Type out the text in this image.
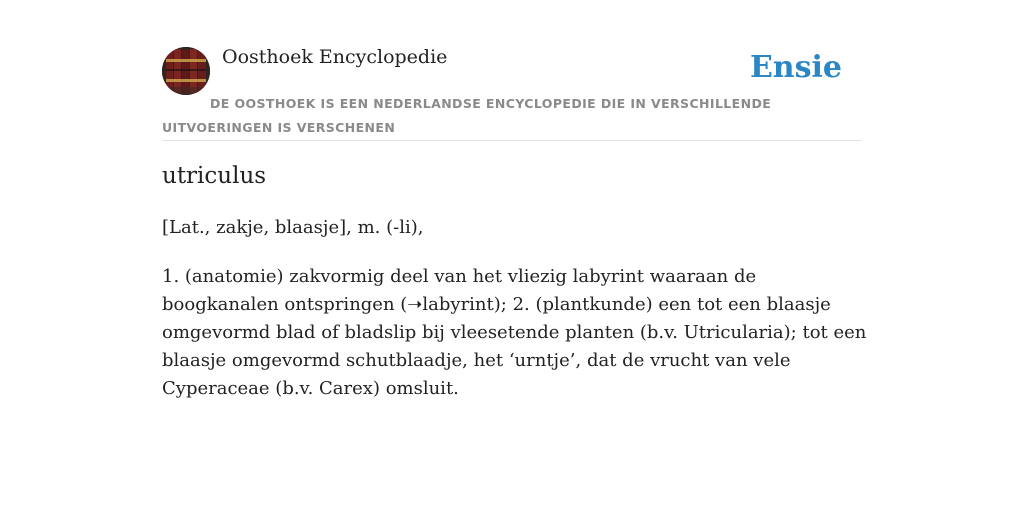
Oosthoek Encyclopedie	Ensie
DE OOSTHOEK IS EEN NEDERLANDSE ENCYCLOPEDIE DIE IN VERSCHILLENDE UITVOERINGEN IS VERSCHENEN
utriculus

[Lat., zakje, blaasje], m. (-li),

1. (anatomie) zakvormig deel van het vliezig labyrint waaraan de boogkanalen ontspringen (➝labyrint); 2. (plantkunde) een tot een blaasje omgevormd blad of bladslip bij vleesetende planten (b.v. Utricularia); tot een blaasje omgevormd schutblaadje, het ‘urntje’, dat de vrucht van vele Cyperaceae (b.v. Carex) omsluit.
